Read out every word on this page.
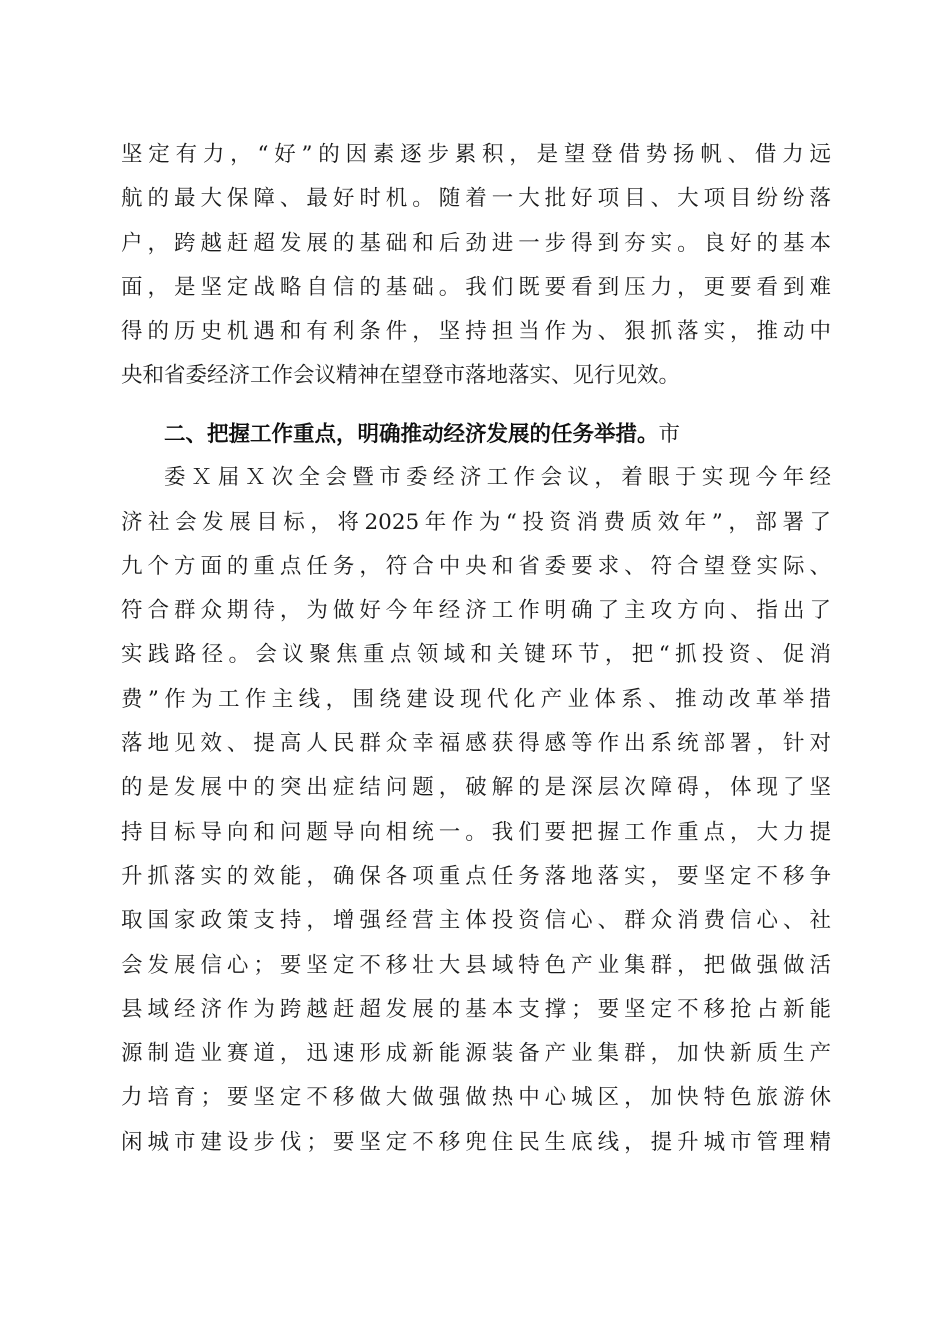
坚定有力，“好”的因素逐步累积，是望登借势扬帆、借力远
航的最大保障、最好时机。随着一大批好项目、大项目纷纷落
户，跨越赶超发展的基础和后劲进一步得到夯实。良好的基本
面，是坚定战略自信的基础。我们既要看到压力，更要看到难
得的历史机遇和有利条件，坚持担当作为、狠抓落实，推动中
央和省委经济工作会议精神在望登市落地落实、见行见效。
二、把握工作重点，明确推动经济发展的任务举措。市
委Ｘ届Ｘ次全会暨市委经济工作会议，着眼于实现今年经
济社会发展目标，将2025年作为“投资消费质效年”，部署了
九个方面的重点任务，符合中央和省委要求、符合望登实际、
符合群众期待，为做好今年经济工作明确了主攻方向、指出了
实践路径。会议聚焦重点领域和关键环节，把“抓投资、促消
费”作为工作主线，围绕建设现代化产业体系、推动改革举措
落地见效、提高人民群众幸福感获得感等作出系统部署，针对
的是发展中的突出症结问题，破解的是深层次障碍，体现了坚
持目标导向和问题导向相统一。我们要把握工作重点，大力提
升抓落实的效能，确保各项重点任务落地落实，要坚定不移争
取国家政策支持，增强经营主体投资信心、群众消费信心、社
会发展信心；要坚定不移壮大县域特色产业集群，把做强做活
县域经济作为跨越赶超发展的基本支撑；要坚定不移抢占新能
源制造业赛道，迅速形成新能源装备产业集群，加快新质生产
力培育；要坚定不移做大做强做热中心城区，加快特色旅游休
闲城市建设步伐；要坚定不移兜住民生底线，提升城市管理精
